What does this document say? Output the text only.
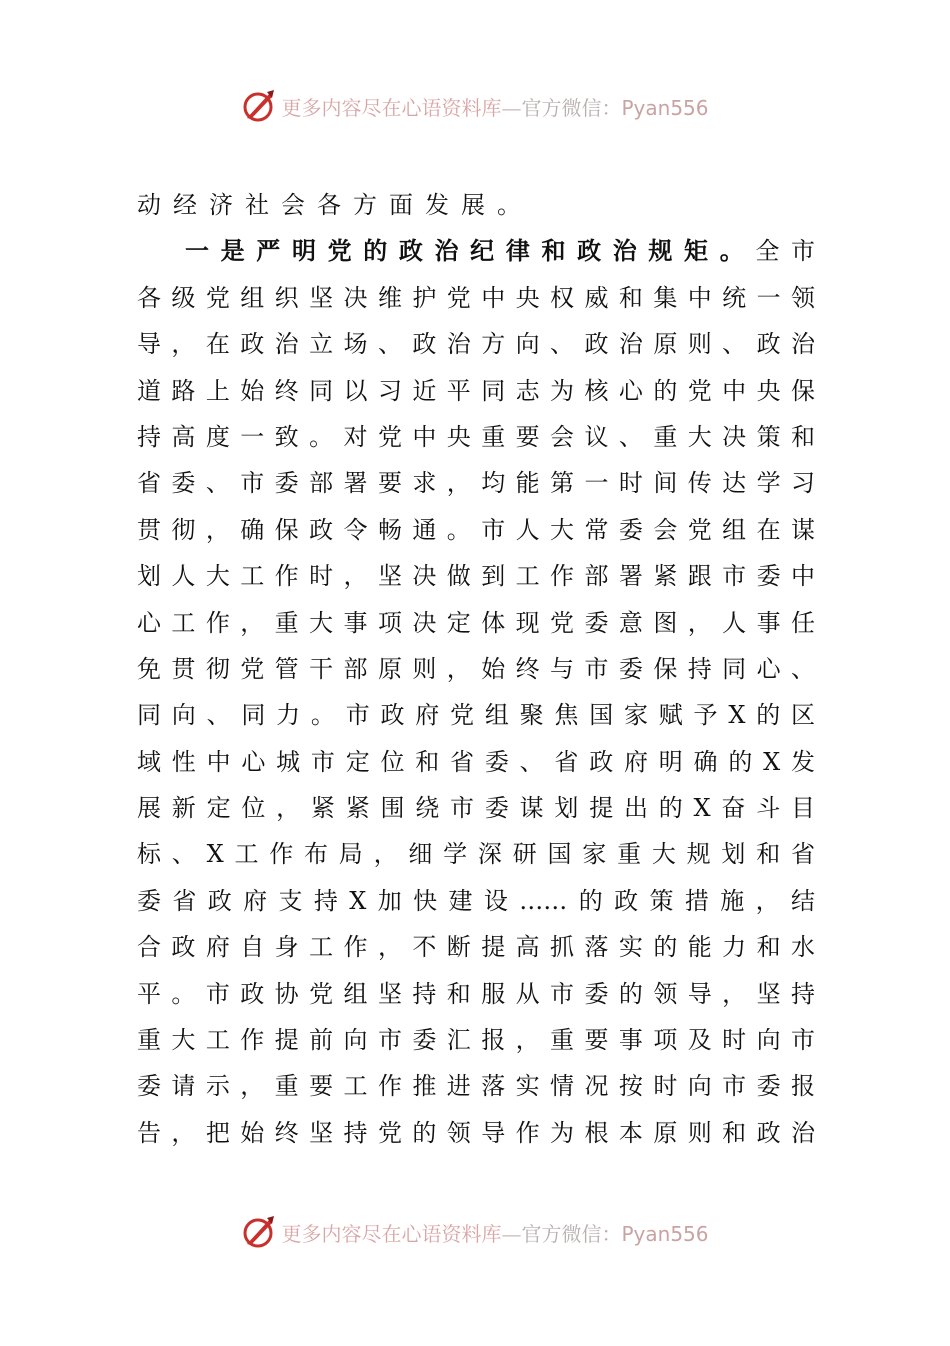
更多内容尽在心语资料库—官方微信：Pyan556
动经济社会各方面发展。
一是严明党的政治纪律和政治规矩。全市
各级党组织坚决维护党中央权威和集中统一领
导，在政治立场、政治方向、政治原则、政治
道路上始终同以习近平同志为核心的党中央保
持高度一致。对党中央重要会议、重大决策和
省委、市委部署要求，均能第一时间传达学习
贯彻，确保政令畅通。市人大常委会党组在谋
划人大工作时，坚决做到工作部署紧跟市委中
心工作，重大事项决定体现党委意图，人事任
免贯彻党管干部原则，始终与市委保持同心、
同向、同力。市政府党组聚焦国家赋予X的区
域性中心城市定位和省委、省政府明确的X发
展新定位，紧紧围绕市委谋划提出的X奋斗目
标、X工作布局，细学深研国家重大规划和省
委省政府支持X加快建设……的政策措施，结
合政府自身工作，不断提高抓落实的能力和水
平。市政协党组坚持和服从市委的领导，坚持
重大工作提前向市委汇报，重要事项及时向市
委请示，重要工作推进落实情况按时向市委报
告，把始终坚持党的领导作为根本原则和政治
更多内容尽在心语资料库—官方微信：Pyan556
